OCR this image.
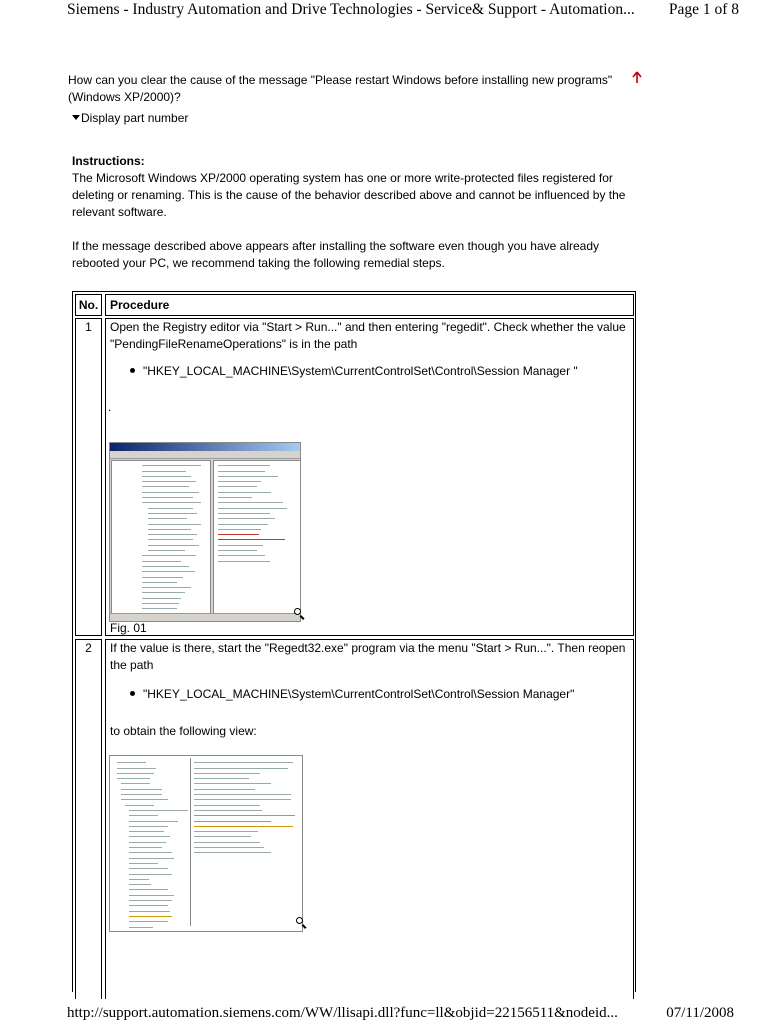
Siemens - Industry Automation and Drive Technologies - Service& Support - Automation... Page 1 of 8
How can you clear the cause of the message "Please restart Windows before installing new programs"(Windows XP/2000)?
Display part number
Instructions:
The Microsoft Windows XP/2000 operating system has one or more write-protected files registered for deleting or renaming. This is the cause of the behavior described above and cannot be influenced by the relevant software.
If the message described above appears after installing the software even though you have already rebooted your PC, we recommend taking the following remedial steps.
No. Procedure
1	Open the Registry editor via "Start > Run..." and then entering "regedit". Check whether the value "PendingFileRenameOperations" is in the path
"HKEY_LOCAL_MACHINE\System\CurrentControlSet\Control\Session Manager "
.
Fig. 01
2	If the value is there, start the "Regedt32.exe" program via the menu "Start > Run...". Then reopen the path
"HKEY_LOCAL_MACHINE\System\CurrentControlSet\Control\Session Manager"
to obtain the following view:
http://support.automation.siemens.com/WW/llisapi.dll?func=ll&objid=22156511&nodeid...	07/11/2008
